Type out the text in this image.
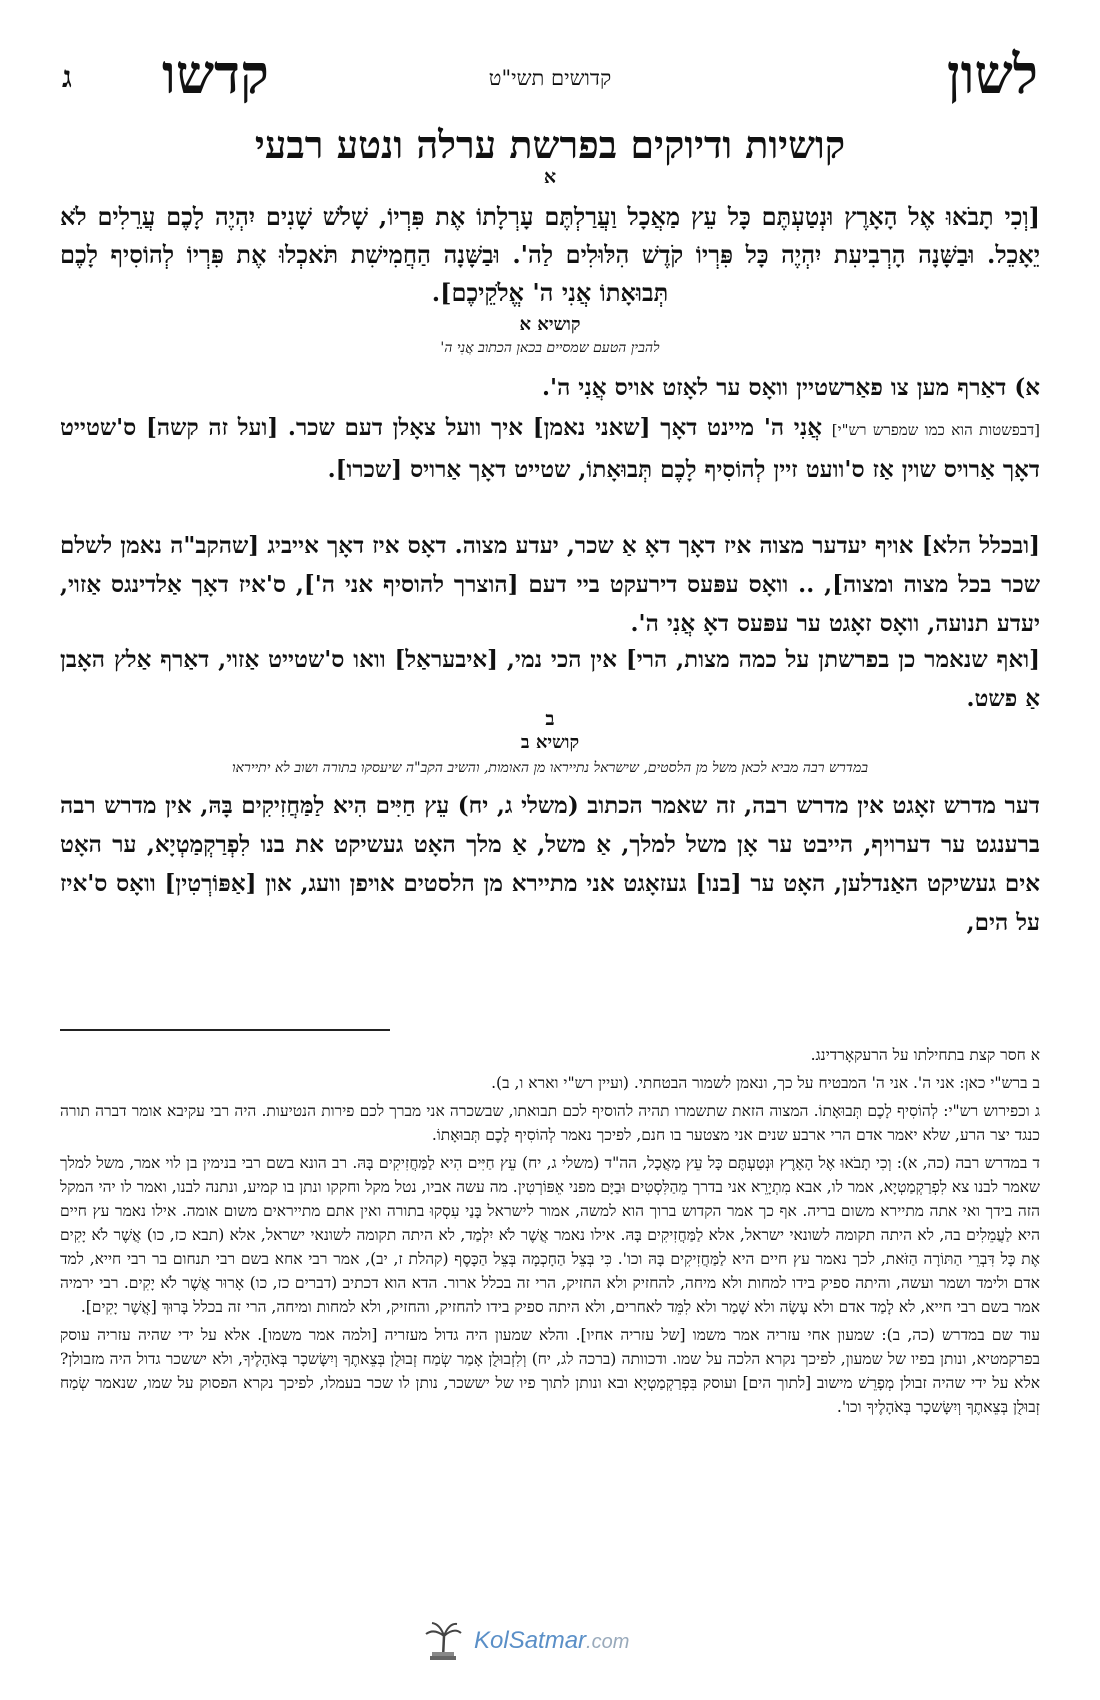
לשון
קדושים תשי"ט
קדשו
ג
קושיות ודיוקים בפרשת ערלה ונטע רבעי
א
[וְכִי תָבֹאוּ אֶל הָאָרֶץ וּנְטַעְתֶּם כָּל עֵץ מַאֲכָל וַעֲרַלְתֶּם עָרְלָתוֹ אֶת פִּרְיוֹ, שָׁלֹשׁ שָׁנִים יִהְיֶה לָכֶם עֲרֵלִים לֹא יֵאָכֵל. וּבַשָּׁנָה הָרְבִיעִת יִהְיֶה כָּל פִּרְיוֹ קֹדֶשׁ הִלּוּלִים לַה'. וּבַשָּׁנָה הַחֲמִישִׁת תֹּאכְלוּ אֶת פִּרְיוֹ לְהוֹסִיף לָכֶם תְּבוּאָתוֹ אֲנִי ה' אֱלֹקֵיכֶם].
קושיא א
להבין הטעם שמסיים בכאן הכתוב אֲנִי ה'
א) דאַרף מען צו פאַרשטיין וואָס ער לאָזט אויס אֲנִי ה'.
[דבפשטות הוא כמו שמפרש רש"י] אֲנִי ה' מיינט דאָך [שאני נאמן] איך וועל צאָלן דעם שכר. [ועל זה קשה] ס'שטייט דאָך אַרויס שוין אַז ס'וועט זיין לְהוֹסִיף לָכֶם תְּבוּאָתוֹ, שטייט דאָך אַרויס [שכרו].
[ובכלל הלא] אויף יעדער מצוה איז דאָך דאָ אַ שכר, יעדע מצוה. דאָס איז דאָך אייביג [שהקב"ה נאמן לשלם שכר בכל מצוה ומצוה], .. וואָס עפּעס דירעקט ביי דעם [הוצרך להוסיף אני ה'], ס'איז דאָך אַלדינגס אַזוי, יעדע תנועה, וואָס זאָגט ער עפּעס דאָ אֲנִי ה'.
[ואף שנאמר כן בפרשתן על כמה מצות, הרי] אין הכי נמי, [איבעראַל] וואו ס'שטייט אַזוי, דאַרף אַלץ האָבן אַ פשט.
ב
קושיא ב
במדרש רבה מביא לכאן משל מן הלסטים, שישראל נתייראו מן האומות, והשיב הקב"ה שיעסקו בתורה ושוב לא יתייראו
דער מדרש זאָגט אין מדרש רבה, זה שאמר הכתוב (משלי ג, יח) עֵץ חַיִּים הִיא לַמַּחֲזִיקִים בָּהּ, אין מדרש רבה ברענגט ער דערויף, הייבט ער אָן משל למלך, אַ משל, אַ מלך האָט געשיקט את בנו לִפְרַקְמַטְיָא, ער האָט אים געשיקט האַנדלען, האָט ער [בנו] געזאָגט אני מתיירא מן הלסטים אויפן וועג, און [אַפּוֹרְטִין] וואָס ס'איז על הים,

א חסר קצת בתחילתו על הרעקאָרדינג.

ב ברש"י כאן: אני ה'. אני ה' המבטיח על כך, ונאמן לשמור הבטחתי. (ועיין רש"י וארא ו, ב).

ג וכפירוש רש"י: לְהוֹסִיף לָכֶם תְּבוּאָתוֹ. המצוה הזאת שתשמרו תהיה להוסיף לכם תבואתו, שבשכרה אני מברך לכם פירות הנטיעות. היה רבי עקיבא אומר דברה תורה כנגד יצר הרע, שלא יאמר אדם הרי ארבע שנים אני מצטער בו חנם, לפיכך נאמר לְהוֹסִיף לָכֶם תְּבוּאָתוֹ.

ד במדרש רבה (כה, א): וְכִי תָבֹאוּ אֶל הָאָרֶץ וּנְטַעְתֶּם כָּל עֵץ מַאֲכָל, הה"ד (משלי ג, יח) עֵץ חַיִּים הִיא לַמַּחֲזִיקִים בָּהּ. רב הונא בשם רבי בנימין בן לוי אמר, משל למלך שאמר לבנו צא לִפְרַקְמַטְיָא, אמר לו, אבא מִתְיָרֵא אני בדרך מֵהַלִּסְטִים וּבַיָּם מפני אֵפּוֹרְטִין. מה עשה אביו, נטל מקל וחקקו ונתן בו קמיע, ונתנה לבנו, ואמר לו יהי המקל הזה בידך ואי אתה מתיירא משום בריה. אף כך אמר הקדוש ברוך הוא למשה, אמור לישראל בָּנַי עִסְקוּ בתורה ואין אתם מתייראים משום אומה. אילו נאמר עץ חיים היא לַעֲמֵלִים בה, לא היתה תקומה לשונאי ישראל, אלא לַמַּחֲזִיקִים בָּהּ. אילו נאמר אֲשֶׁר לֹא יִלְמַד, לא היתה תקומה לשונאי ישראל, אלא (תבא כז, כו) אֲשֶׁר לֹא יָקִים אֶת כָּל דִּבְרֵי הַתּוֹרָה הַזֹּאת, לכך נאמר עץ חיים היא לַמַּחֲזִיקִים בָּהּ וכו'. כִּי בְּצֵל הַחָכְמָה בְּצֵל הַכָּסֶף (קהלת ז, יב), אמר רבי אחא בשם רבי תנחום בר רבי חייא, למד אדם ולימד ושמר ועשה, והיתה ספיק בידו למחות ולא מיחה, להחזיק ולא החזיק, הרי זה בכלל ארור. הדא הוא דכתיב (דברים כז, כו) אָרוּר אֲשֶׁר לֹא יָקִים. רבי ירמיה אמר בשם רבי חייא, לא לָמַד אדם ולא עָשָׂה ולא שָׁמַר ולא לִמֵּד לאחרים, ולא היתה ספיק בידו להחזיק, והחזיק, ולא למחות ומיחה, הרי זה בכלל בָּרוּךְ [אֲשֶׁר יָקִים].

עוד שם במדרש (כה, ב): שמעון אחי עזריה אמר משמו [של עזריה אחיו]. והלא שמעון היה גדול מעזריה [ולמה אמר משמו]. אלא על ידי שהיה עזריה עוסק בפרקמטיא, ונותן בפיו של שמעון, לפיכך נקרא הלכה על שמו. ודכוותה (ברכה לג, יח) וְלִזְבוּלֻן אָמַר שְׂמַח זְבוּלֻן בְּצֵאתֶךָ וְיִשָּׂשכָר בְּאֹהָלֶיךָ, ולא יששכר גדול היה מזבולן? אלא על ידי שהיה זבולן מְפָרֵשׁ מישוב [לתוך הים] ועוסק בִּפְרַקְמַטְיָא ובא ונותן לתוך פיו של יששכר, נותן לו שכר בעמלו, לפיכך נקרא הפסוק על שמו, שנאמר שְׂמַח זְבוּלֻן בְּצֵאתֶךָ וְיִשָּׂשכָר בְּאֹהָלֶיךָ וכו'.

KolSatmar.com
